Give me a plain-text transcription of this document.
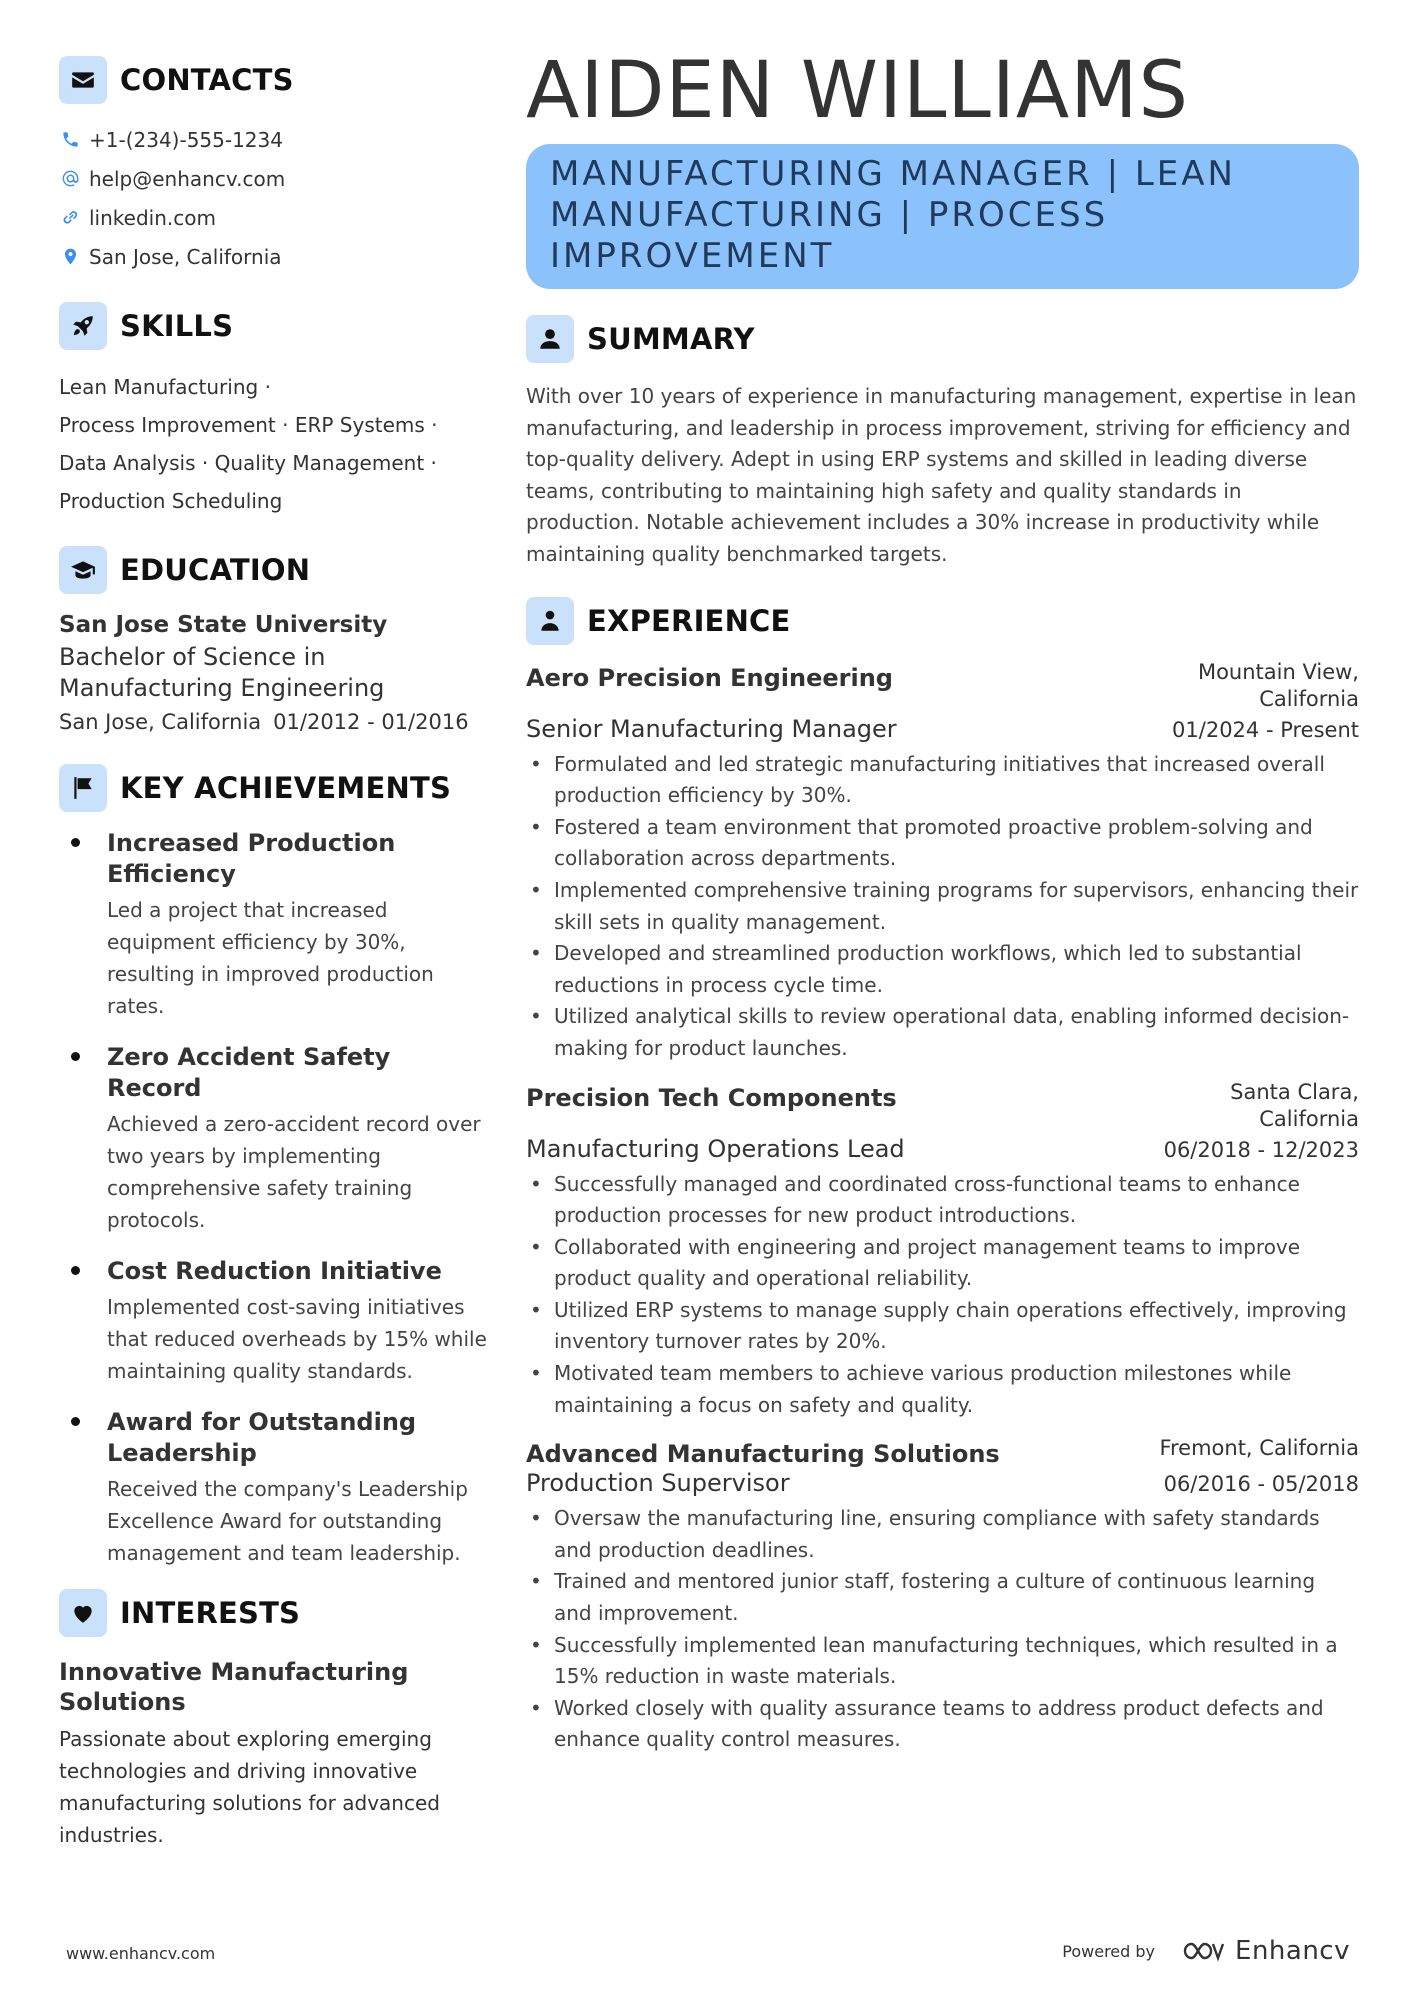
CONTACTS
+1-(234)-555-1234
help@enhancv.com
linkedin.com
San Jose, California
SKILLS
Lean Manufacturing ·
Process Improvement · ERP Systems ·
Data Analysis · Quality Management ·
Production Scheduling
EDUCATION
San Jose State University
Bachelor of Science in Manufacturing Engineering
San Jose, California 01/2012 - 01/2016
KEY ACHIEVEMENTS
Increased Production Efficiency
Led a project that increased equipment efficiency by 30%, resulting in improved production rates.
Zero Accident Safety Record
Achieved a zero-accident record over two years by implementing comprehensive safety training protocols.
Cost Reduction Initiative
Implemented cost-saving initiatives that reduced overheads by 15% while maintaining quality standards.
Award for Outstanding Leadership
Received the company's Leadership Excellence Award for outstanding management and team leadership.
INTERESTS
Innovative Manufacturing Solutions
Passionate about exploring emerging technologies and driving innovative manufacturing solutions for advanced industries.
AIDEN WILLIAMS
MANUFACTURING MANAGER | LEAN MANUFACTURING | PROCESS IMPROVEMENT
SUMMARY
With over 10 years of experience in manufacturing management, expertise in lean manufacturing, and leadership in process improvement, striving for efficiency and top-quality delivery. Adept in using ERP systems and skilled in leading diverse teams, contributing to maintaining high safety and quality standards in production. Notable achievement includes a 30% increase in productivity while maintaining quality benchmarked targets.
EXPERIENCE
Aero Precision Engineering	Mountain View, California
Senior Manufacturing Manager	01/2024 - Present
• Formulated and led strategic manufacturing initiatives that increased overall production efficiency by 30%.
• Fostered a team environment that promoted proactive problem-solving and collaboration across departments.
• Implemented comprehensive training programs for supervisors, enhancing their skill sets in quality management.
• Developed and streamlined production workflows, which led to substantial reductions in process cycle time.
• Utilized analytical skills to review operational data, enabling informed decision-making for product launches.
Precision Tech Components	Santa Clara, California
Manufacturing Operations Lead	06/2018 - 12/2023
• Successfully managed and coordinated cross-functional teams to enhance production processes for new product introductions.
• Collaborated with engineering and project management teams to improve product quality and operational reliability.
• Utilized ERP systems to manage supply chain operations effectively, improving inventory turnover rates by 20%.
• Motivated team members to achieve various production milestones while maintaining a focus on safety and quality.
Advanced Manufacturing Solutions	Fremont, California
Production Supervisor	06/2016 - 05/2018
• Oversaw the manufacturing line, ensuring compliance with safety standards and production deadlines.
• Trained and mentored junior staff, fostering a culture of continuous learning and improvement.
• Successfully implemented lean manufacturing techniques, which resulted in a 15% reduction in waste materials.
• Worked closely with quality assurance teams to address product defects and enhance quality control measures.
www.enhancv.com	Powered by	Enhancv
